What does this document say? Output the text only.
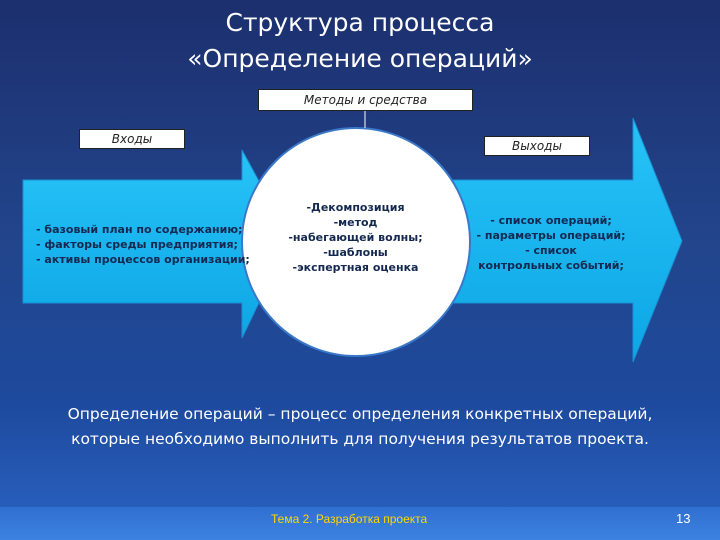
Структура процесса
«Определение операций»
Методы и средства
Входы	Выходы
- базовый план по содержанию;
- факторы среды предприятия;
- активы процессов организации;
-Декомпозиция
-метод
-набегающей волны;
-шаблоны
-экспертная оценка
- список операций;
- параметры операций;
- список
контрольных событий;
Определение операций – процесс определения конкретных операций,
которые необходимо выполнить для получения результатов проекта.
Тема 2. Разработка проекта	13
